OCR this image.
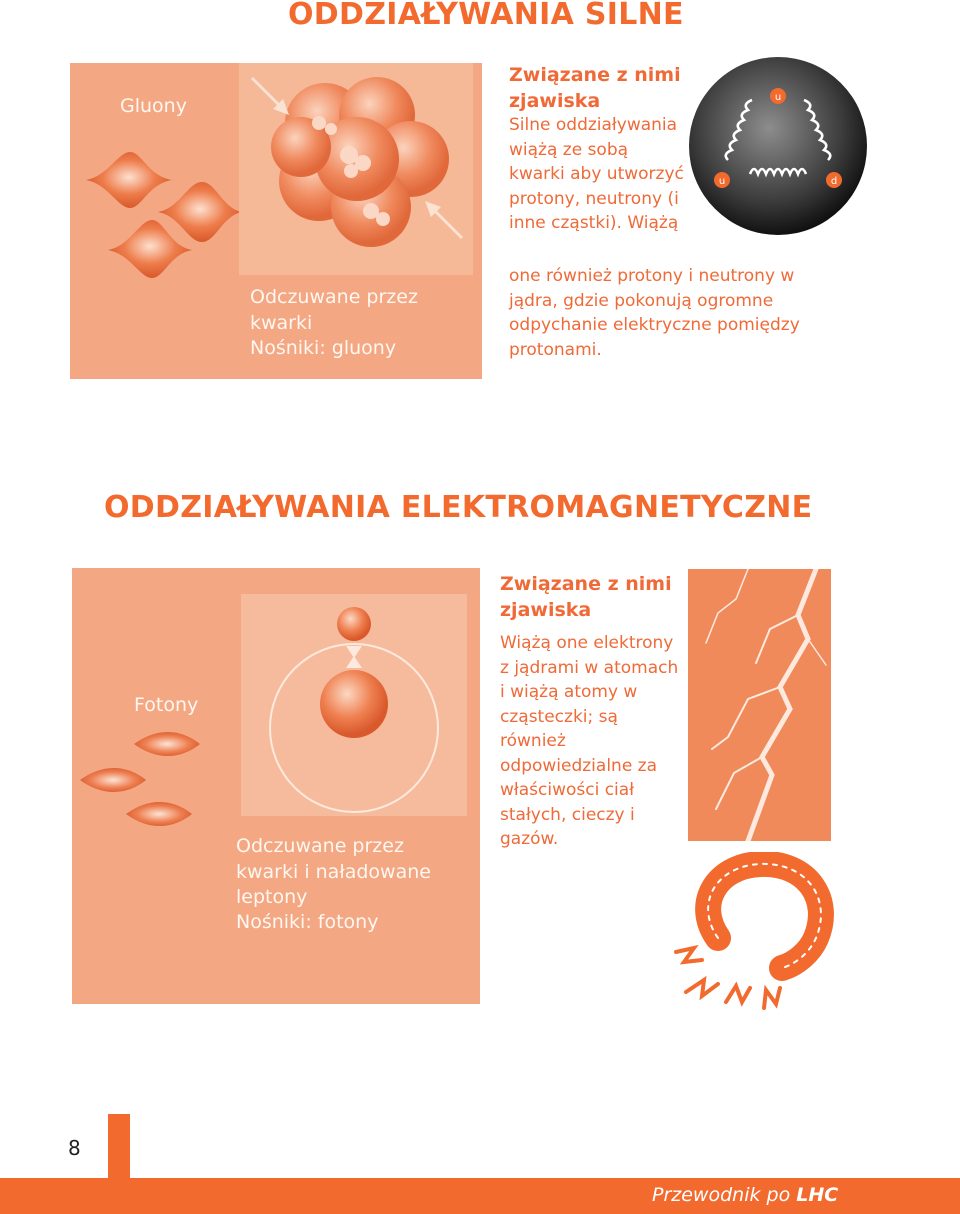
ODDZIAŁYWANIA SILNE
Gluony
Odczuwane przez kwarki
Nośniki: gluony
Związane z nimi zjawiska
Silne oddziaływania wiążą ze sobą kwarki aby utworzyć protony, neutrony (i inne cząstki). Wiążą
one również protony i neutrony w jądra, gdzie pokonują ogromne odpychanie elektryczne pomiędzy protonami.
u
u	d
ODDZIAŁYWANIA ELEKTROMAGNETYCZNE
Fotony
Odczuwane przez kwarki i naładowane leptony
Nośniki: fotony
Związane z nimi zjawiska
Wiążą one elektrony z jądrami w atomach i wiążą atomy w cząsteczki; są również odpowiedzialne za właściwości ciał stałych, cieczy i gazów.
8
Przewodnik po LHC
